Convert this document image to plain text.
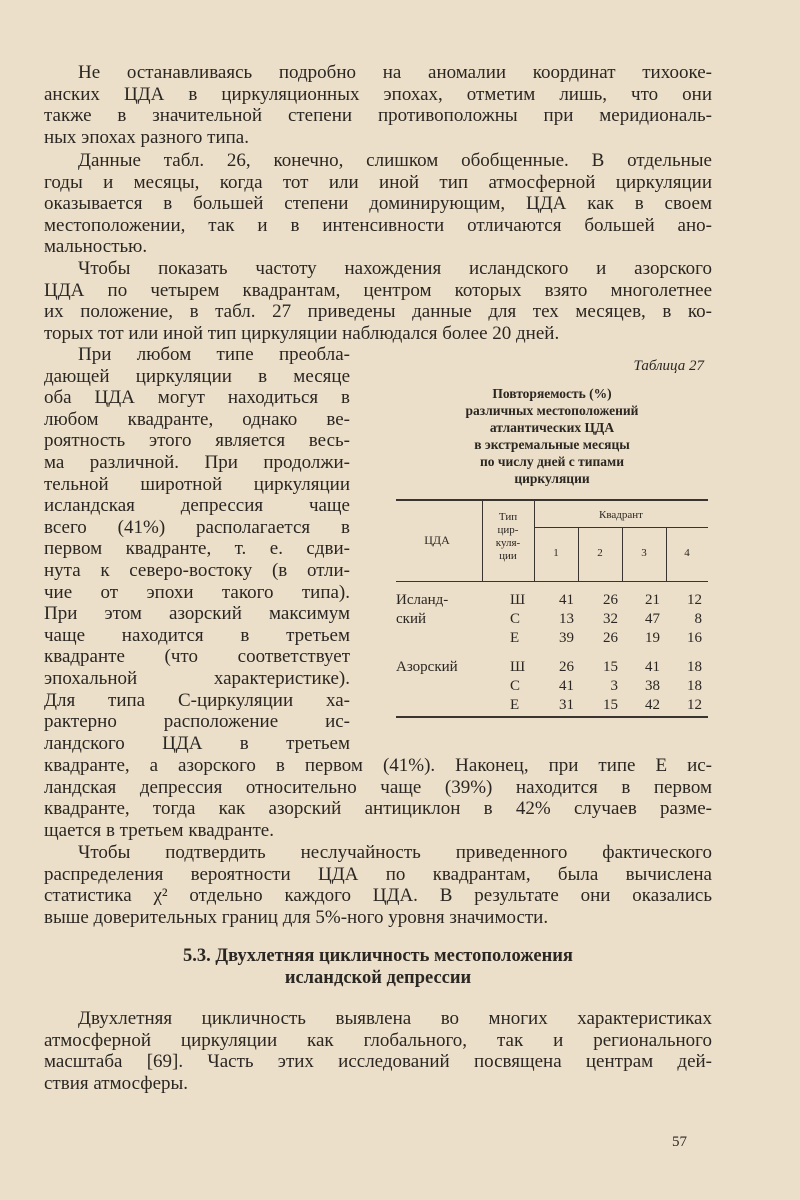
Не останавливаясь подробно на аномалии координат тихооке-
анских ЦДА в циркуляционных эпохах, отметим лишь, что они
также в значительной степени противоположны при меридиональ-
ных эпохах разного типа.
Данные табл. 26, конечно, слишком обобщенные. В отдельные
годы и месяцы, когда тот или иной тип атмосферной циркуляции
оказывается в большей степени доминирующим, ЦДА как в своем
местоположении, так и в интенсивности отличаются большей ано-
мальностью.
Чтобы показать частоту нахождения исландского и азорского
ЦДА по четырем квадрантам, центром которых взято многолетнее
их положение, в табл. 27 приведены данные для тех месяцев, в ко-
торых тот или иной тип циркуляции наблюдался более 20 дней.
При любом типе преобла-
дающей циркуляции в месяце
оба ЦДА могут находиться в
любом квадранте, однако ве-
роятность этого является весь-
ма различной. При продолжи-
тельной широтной циркуляции
исландская депрессия чаще
всего (41%) располагается в
первом квадранте, т. е. сдви-
нута к северо-востоку (в отли-
чие от эпохи такого типа).
При этом азорский максимум
чаще находится в третьем
квадранте (что соответствует
эпохальной характеристике).
Для типа С-циркуляции ха-
рактерно расположение ис-
ландского ЦДА в третьем
квадранте, а азорского в первом (41%). Наконец, при типе Е ис-
ландская депрессия относительно чаще (39%) находится в первом
квадранте, тогда как азорский антициклон в 42% случаев разме-
щается в третьем квадранте.
Таблица 27
Повторяемость (%)
различных местоположений
атлантических ЦДА
в экстремальные месяцы
по числу дней с типами
циркуляции
ЦДА
Тип
цир-
куля-
ции
Квадрант
1	2	3	4
Исланд-
ский
Ш	41	26	21	12
С	13	32	47	8
Е	39	26	19	16
Азорский	Ш	26	15	41	18
С	41	3	38	18
Е	31	15	42	12
Чтобы подтвердить неслучайность приведенного фактического
распределения вероятности ЦДА по квадрантам, была вычислена
статистика χ² отдельно каждого ЦДА. В результате они оказались
выше доверительных границ для 5%-ного уровня значимости.
5.3. Двухлетняя цикличность местоположения
исландской депрессии
Двухлетняя цикличность выявлена во многих характеристиках
атмосферной циркуляции как глобального, так и регионального
масштаба [69]. Часть этих исследований посвящена центрам дей-
ствия атмосферы.
57
